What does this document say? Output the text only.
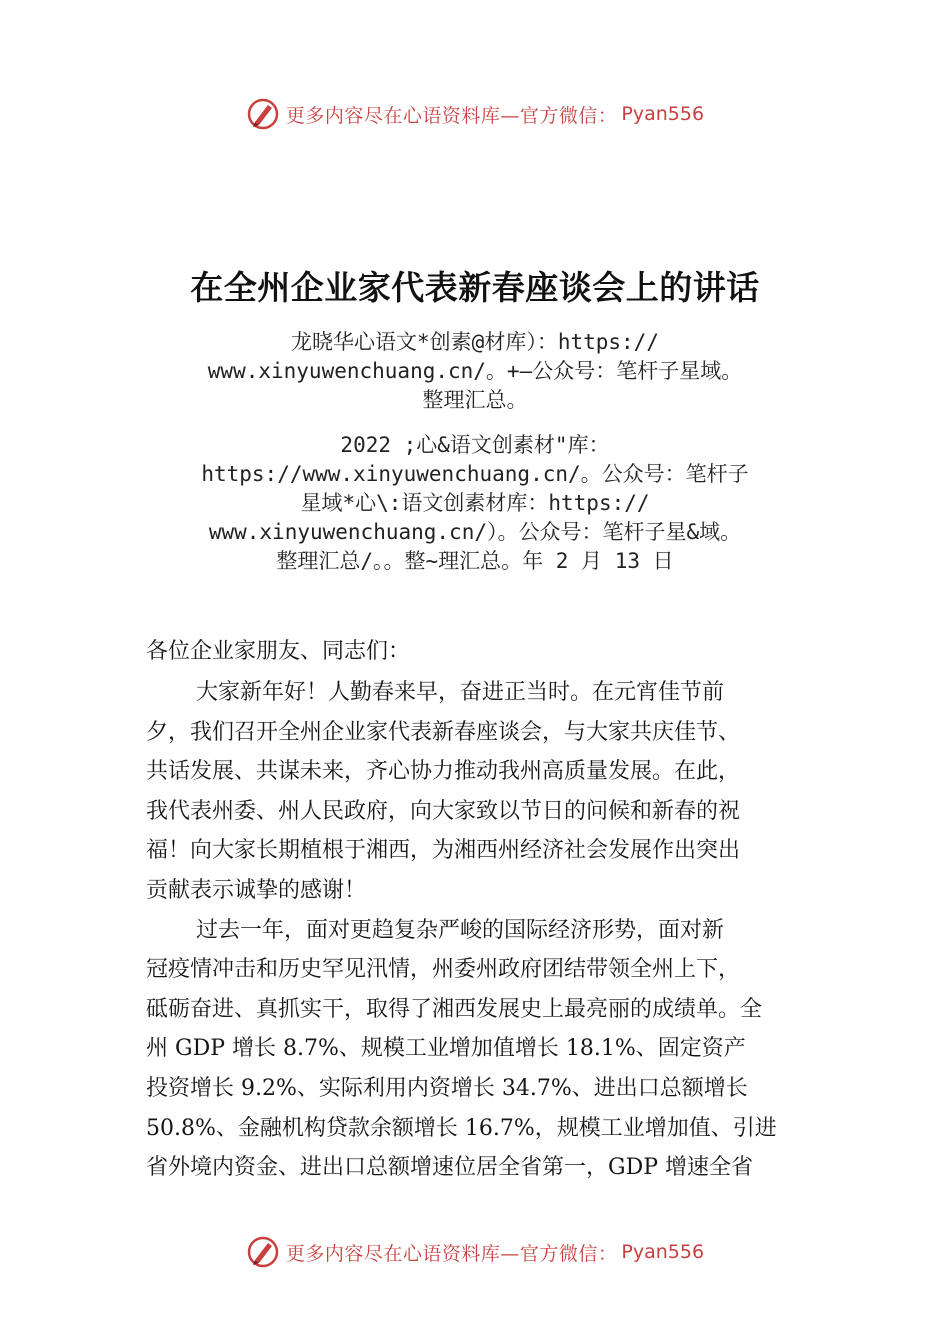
更多内容尽在心语资料库—官方微信： Pyan556
在全州企业家代表新春座谈会上的讲话
龙晓华心语文*创素@材库）：https://
www.xinyuwenchuang.cn/。+—公众号：笔杆子星域。
整理汇总。
2022 ;心&语文创素材"库：
https://www.xinyuwenchuang.cn/。公众号：笔杆子
星域*心\:语文创素材库：https://
www.xinyuwenchuang.cn/）。公众号：笔杆子星&域。
整理汇总/。。整~理汇总。年 2 月 13 日
各位企业家朋友、同志们：
大家新年好！人勤春来早，奋进正当时。在元宵佳节前
夕，我们召开全州企业家代表新春座谈会，与大家共庆佳节、
共话发展、共谋未来，齐心协力推动我州高质量发展。在此，
我代表州委、州人民政府，向大家致以节日的问候和新春的祝
福！向大家长期植根于湘西，为湘西州经济社会发展作出突出
贡献表示诚挚的感谢！
过去一年，面对更趋复杂严峻的国际经济形势，面对新
冠疫情冲击和历史罕见汛情，州委州政府团结带领全州上下，
砥砺奋进、真抓实干，取得了湘西发展史上最亮丽的成绩单。全
州 GDP 增长 8.7%、规模工业增加值增长 18.1%、固定资产
投资增长 9.2%、实际利用内资增长 34.7%、进出口总额增长
50.8%、金融机构贷款余额增长 16.7%，规模工业增加值、引进
省外境内资金、进出口总额增速位居全省第一，GDP 增速全省
更多内容尽在心语资料库—官方微信： Pyan556
